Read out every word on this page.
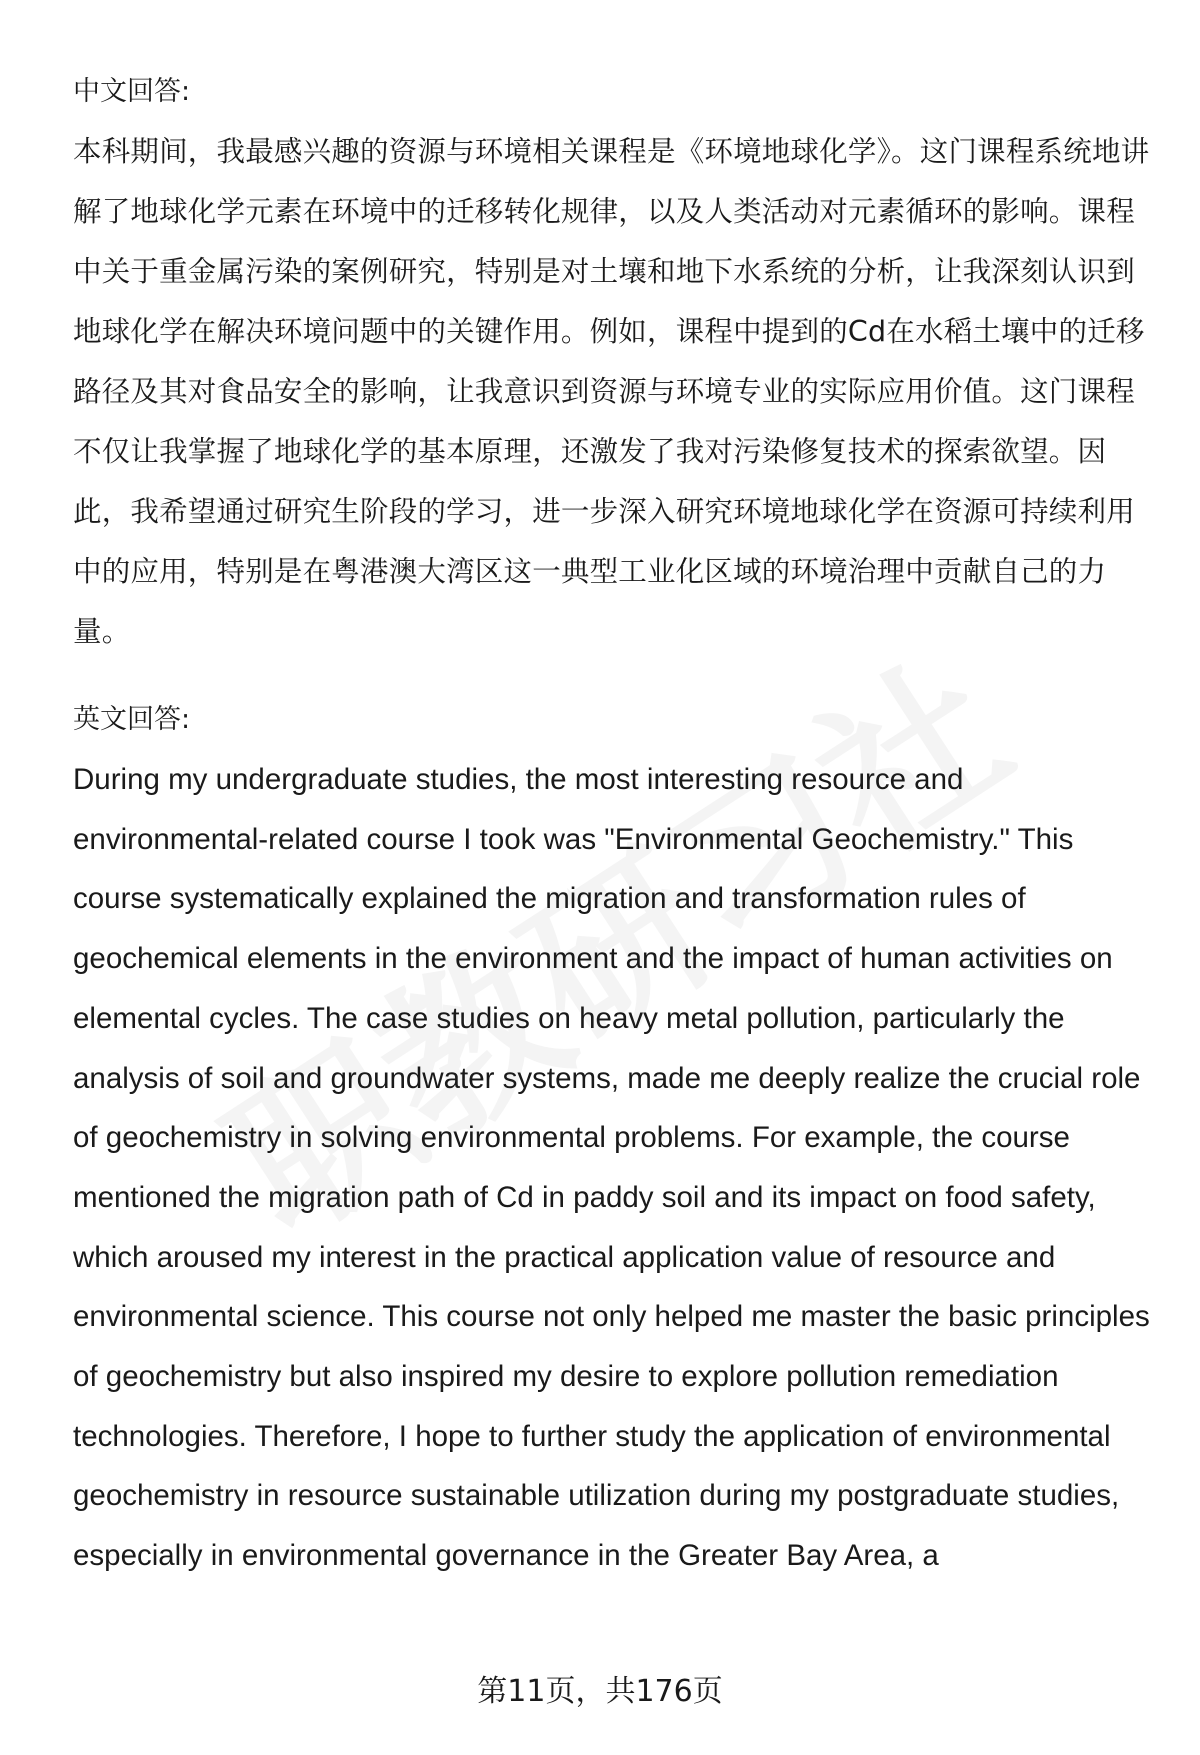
中文回答:

本科期间，我最感兴趣的资源与环境相关课程是《环境地球化学》。这门课程系统地讲解了地球化学元素在环境中的迁移转化规律，以及人类活动对元素循环的影响。课程中关于重金属污染的案例研究，特别是对土壤和地下水系统的分析，让我深刻认识到地球化学在解决环境问题中的关键作用。例如，课程中提到的Cd在水稻土壤中的迁移路径及其对食品安全的影响，让我意识到资源与环境专业的实际应用价值。这门课程不仅让我掌握了地球化学的基本原理，还激发了我对污染修复技术的探索欲望。因此，我希望通过研究生阶段的学习，进一步深入研究环境地球化学在资源可持续利用中的应用，特别是在粤港澳大湾区这一典型工业化区域的环境治理中贡献自己的力量。

英文回答:

During my undergraduate studies, the most interesting resource and environmental-related course I took was "Environmental Geochemistry." This course systematically explained the migration and transformation rules of geochemical elements in the environment and the impact of human activities on elemental cycles. The case studies on heavy metal pollution, particularly the analysis of soil and groundwater systems, made me deeply realize the crucial role of geochemistry in solving environmental problems. For example, the course mentioned the migration path of Cd in paddy soil and its impact on food safety, which aroused my interest in the practical application value of resource and environmental science. This course not only helped me master the basic principles of geochemistry but also inspired my desire to explore pollution remediation technologies. Therefore, I hope to further study the application of environmental geochemistry in resource sustainable utilization during my postgraduate studies, especially in environmental governance in the Greater Bay Area, a

第11页，共176页
